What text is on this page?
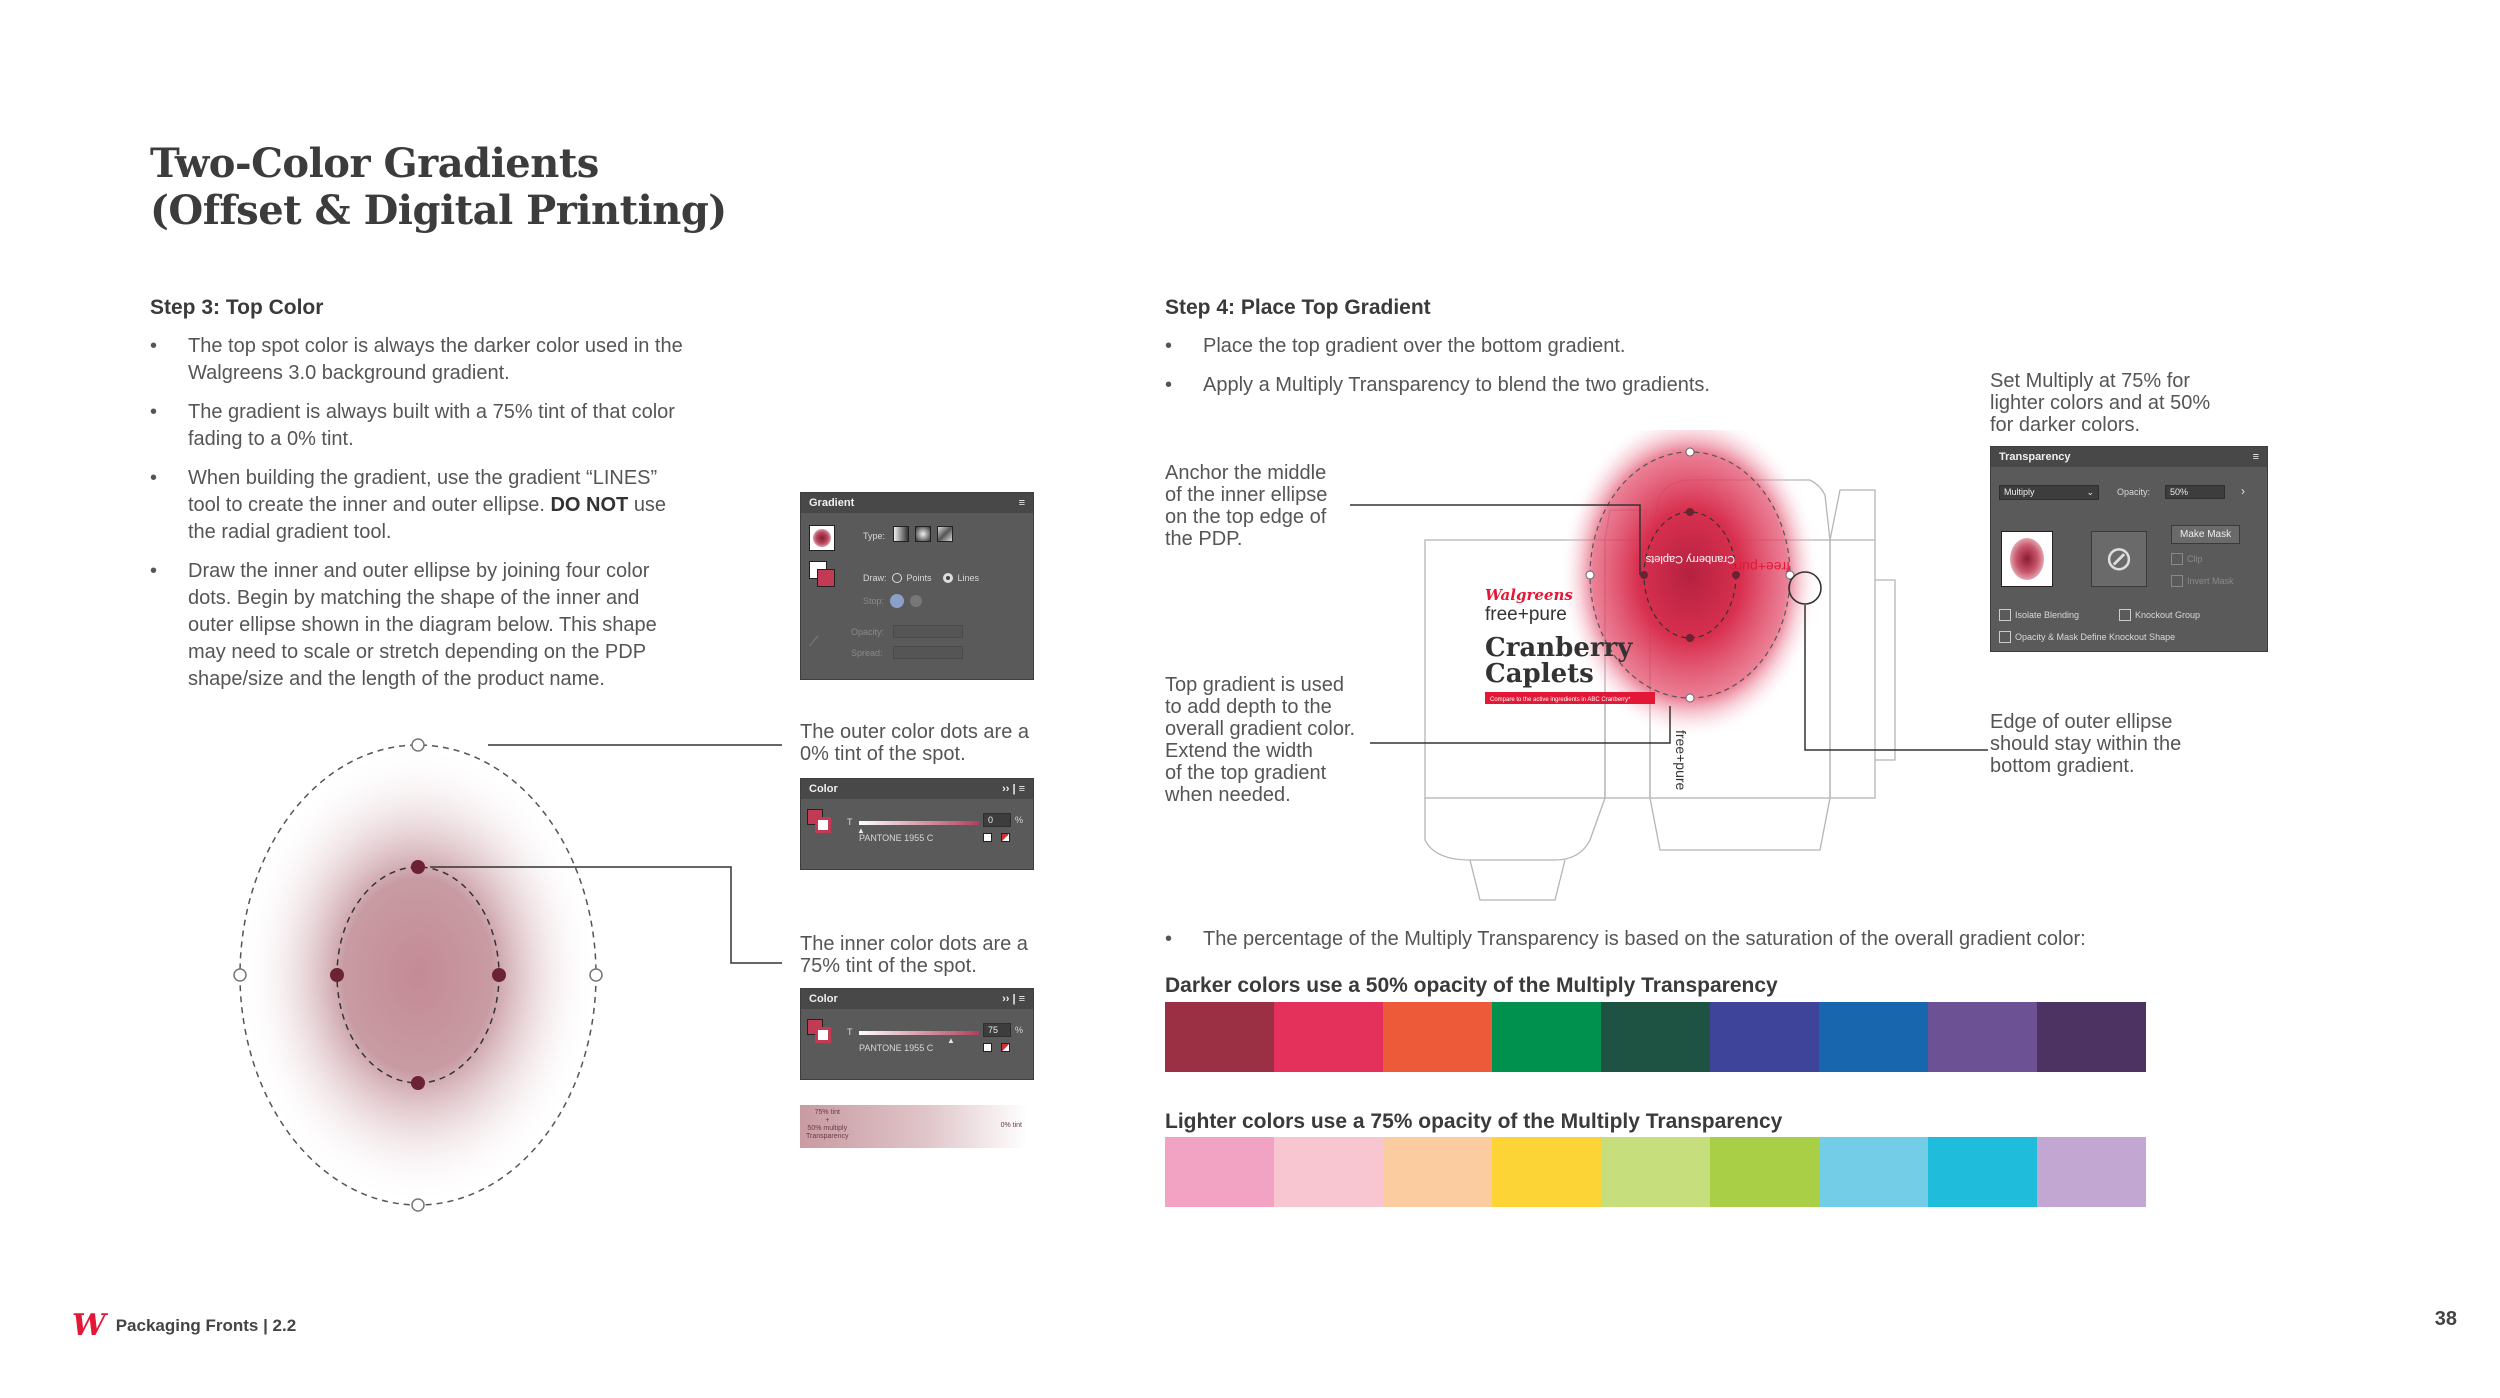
Two-Color Gradients
(Offset & Digital Printing)
Step 3: Top Color
• The top spot color is always the darker color used in the Walgreens 3.0 background gradient.
• The gradient is always built with a 75% tint of that color fading to a 0% tint.
• When building the gradient, use the gradient “LINES” tool to create the inner and outer ellipse. DO NOT use the radial gradient tool.
• Draw the inner and outer ellipse by joining four color dots. Begin by matching the shape of the inner and outer ellipse shown in the diagram below. This shape may need to scale or stretch depending on the PDP shape/size and the length of the product name.
Gradient	≡
Type:
Draw: Points	Lines
Stop:
⟋
Opacity:
Spread:
The outer color dots are a 0% tint of the spot.
Color	›› | ≡
T
▲
0	%
PANTONE 1955 C
The inner color dots are a 75% tint of the spot.
Color	›› | ≡
T
▲
75	%
PANTONE 1955 C
75% tint
+
50% multiply
Transparency
0% tint
Step 4: Place Top Gradient
• Place the top gradient over the bottom gradient.
• Apply a Multiply Transparency to blend the two gradients.
Anchor the middle
of the inner ellipse
on the top edge of
the PDP.
Top gradient is used
to add depth to the
overall gradient color.
Extend the width
of the top gradient
when needed.
Set Multiply at 75% for
lighter colors and at 50%
for darker colors.
Edge of outer ellipse
should stay within the
bottom gradient.
Walgreens
free+pure
Cranberry
Caplets
Compare to the active ingredients in ABC Cranberry*
free+pure
free+pure
Cranberry Caplets
Transparency	≡
Multiply	⌄	Opacity:	50%	›
⊘
Make Mask
Clip
Invert Mask
Isolate Blending	Knockout Group
Opacity & Mask Define Knockout Shape
• The percentage of the Multiply Transparency is based on the saturation of the overall gradient color:
Darker colors use a 50% opacity of the Multiply Transparency
Lighter colors use a 75% opacity of the Multiply Transparency
W Packaging Fronts | 2.2	38
